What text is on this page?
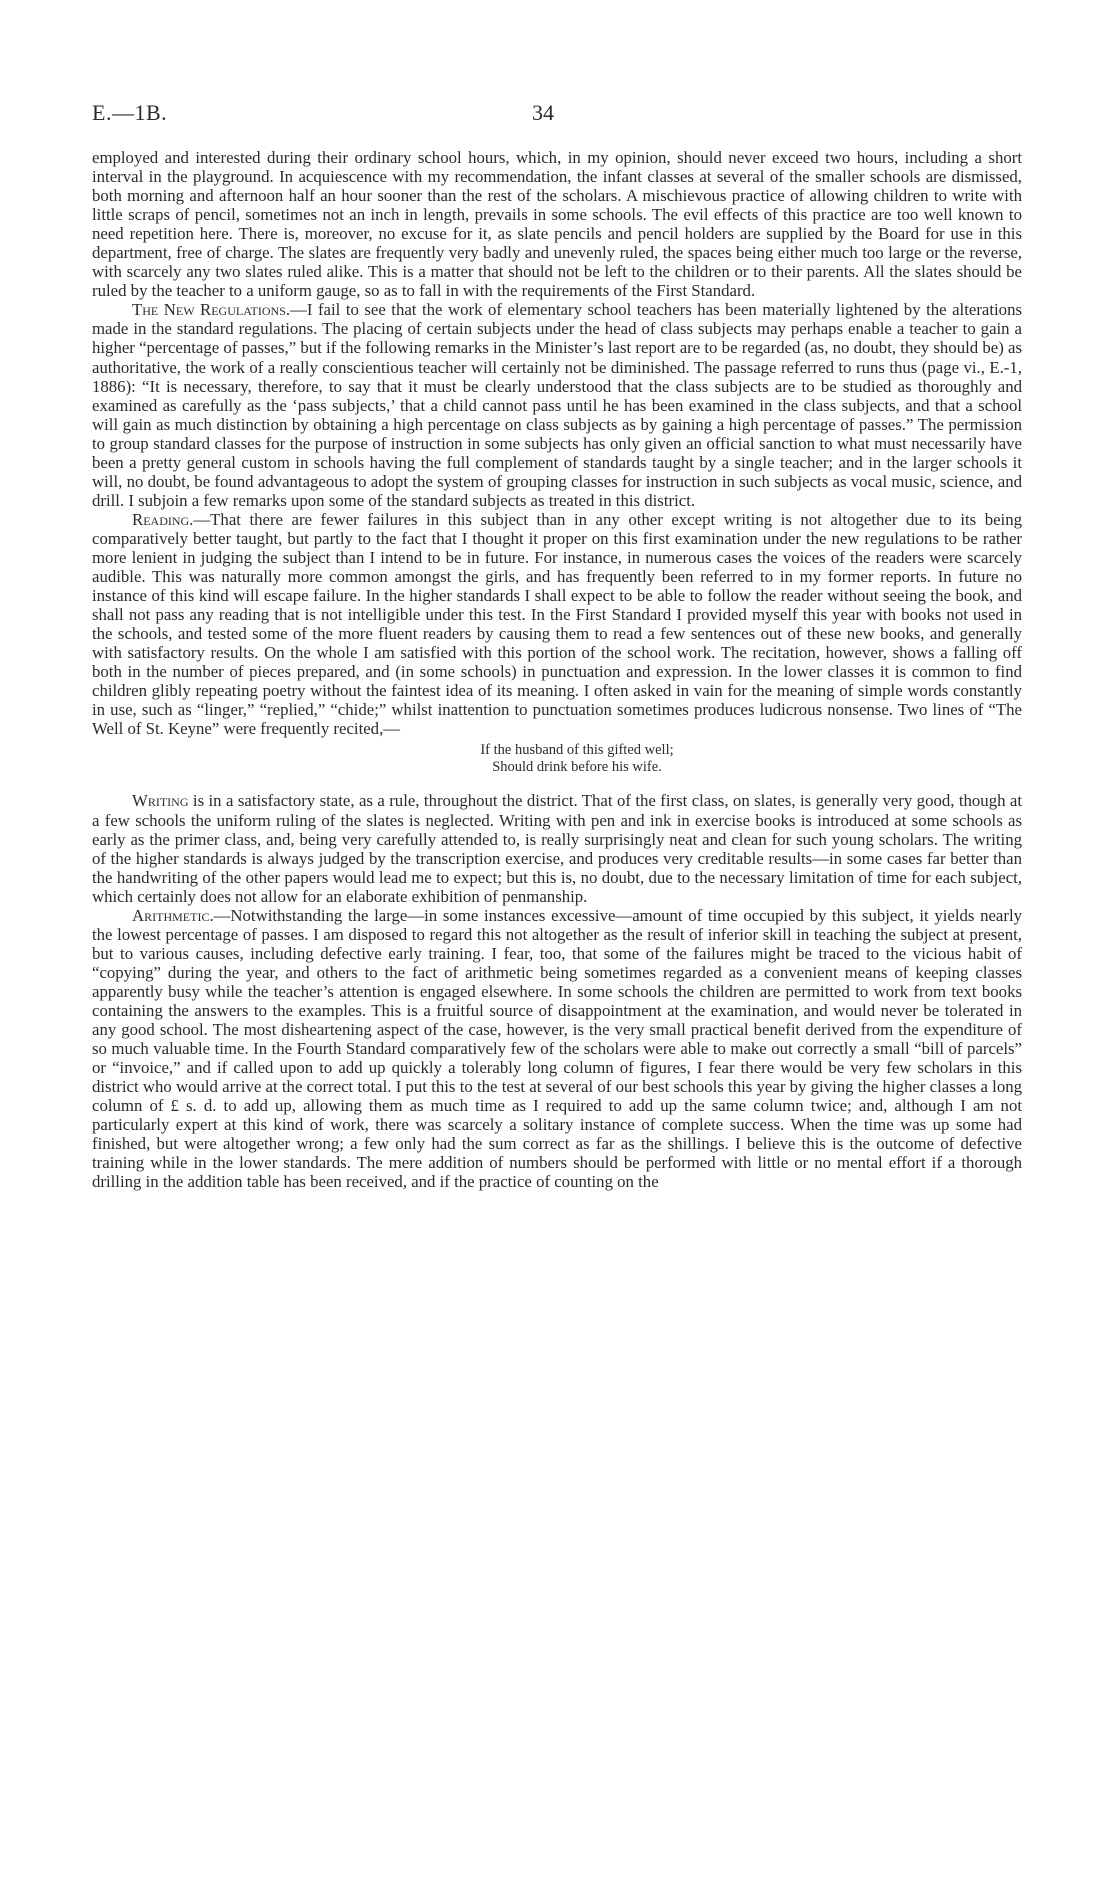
E.—1B.	34

employed and interested during their ordinary school hours, which, in my opinion, should never exceed two hours, including a short interval in the playground. In acquiescence with my recommendation, the infant classes at several of the smaller schools are dismissed, both morning and afternoon half an hour sooner than the rest of the scholars. A mischievous practice of allowing children to write with little scraps of pencil, sometimes not an inch in length, prevails in some schools. The evil effects of this practice are too well known to need repetition here. There is, moreover, no excuse for it, as slate pencils and pencil holders are supplied by the Board for use in this department, free of charge. The slates are frequently very badly and unevenly ruled, the spaces being either much too large or the reverse, with scarcely any two slates ruled alike. This is a matter that should not be left to the children or to their parents. All the slates should be ruled by the teacher to a uniform gauge, so as to fall in with the requirements of the First Standard.

The New Regulations.—I fail to see that the work of elementary school teachers has been materially lightened by the alterations made in the standard regulations. The placing of certain subjects under the head of class subjects may perhaps enable a teacher to gain a higher “percentage of passes,” but if the following remarks in the Minister’s last report are to be regarded (as, no doubt, they should be) as authoritative, the work of a really conscientious teacher will certainly not be diminished. The passage referred to runs thus (page vi., E.-1, 1886): “It is necessary, therefore, to say that it must be clearly understood that the class subjects are to be studied as thoroughly and examined as carefully as the ‘pass subjects,’ that a child cannot pass until he has been examined in the class subjects, and that a school will gain as much distinction by obtaining a high percentage on class subjects as by gaining a high percentage of passes.” The permission to group standard classes for the purpose of instruction in some subjects has only given an official sanction to what must necessarily have been a pretty general custom in schools having the full complement of standards taught by a single teacher; and in the larger schools it will, no doubt, be found advantageous to adopt the system of grouping classes for instruction in such subjects as vocal music, science, and drill. I subjoin a few remarks upon some of the standard subjects as treated in this district.

Reading.—That there are fewer failures in this subject than in any other except writing is not altogether due to its being comparatively better taught, but partly to the fact that I thought it proper on this first examination under the new regulations to be rather more lenient in judging the subject than I intend to be in future. For instance, in numerous cases the voices of the readers were scarcely audible. This was naturally more common amongst the girls, and has frequently been referred to in my former reports. In future no instance of this kind will escape failure. In the higher standards I shall expect to be able to follow the reader without seeing the book, and shall not pass any reading that is not intelligible under this test. In the First Standard I provided myself this year with books not used in the schools, and tested some of the more fluent readers by causing them to read a few sentences out of these new books, and generally with satisfactory results. On the whole I am satisfied with this portion of the school work. The recitation, however, shows a falling off both in the number of pieces prepared, and (in some schools) in punctuation and expression. In the lower classes it is common to find children glibly repeating poetry without the faintest idea of its meaning. I often asked in vain for the meaning of simple words constantly in use, such as “linger,” “replied,” “chide;” whilst inattention to punctuation sometimes produces ludicrous nonsense. Two lines of “The Well of St. Keyne” were frequently recited,—

If the husband of this gifted well;
Should drink before his wife.

Writing is in a satisfactory state, as a rule, throughout the district. That of the first class, on slates, is generally very good, though at a few schools the uniform ruling of the slates is neglected. Writing with pen and ink in exercise books is introduced at some schools as early as the primer class, and, being very carefully attended to, is really surprisingly neat and clean for such young scholars. The writing of the higher standards is always judged by the transcription exercise, and produces very creditable results—in some cases far better than the handwriting of the other papers would lead me to expect; but this is, no doubt, due to the necessary limitation of time for each subject, which certainly does not allow for an elaborate exhibition of penmanship.

Arithmetic.—Notwithstanding the large—in some instances excessive—amount of time occupied by this subject, it yields nearly the lowest percentage of passes. I am disposed to regard this not altogether as the result of inferior skill in teaching the subject at present, but to various causes, including defective early training. I fear, too, that some of the failures might be traced to the vicious habit of “copying” during the year, and others to the fact of arithmetic being sometimes regarded as a convenient means of keeping classes apparently busy while the teacher’s attention is engaged elsewhere. In some schools the children are permitted to work from text books containing the answers to the examples. This is a fruitful source of disappointment at the examination, and would never be tolerated in any good school. The most disheartening aspect of the case, however, is the very small practical benefit derived from the expenditure of so much valuable time. In the Fourth Standard comparatively few of the scholars were able to make out correctly a small “bill of parcels” or “invoice,” and if called upon to add up quickly a tolerably long column of figures, I fear there would be very few scholars in this district who would arrive at the correct total. I put this to the test at several of our best schools this year by giving the higher classes a long column of £ s. d. to add up, allowing them as much time as I required to add up the same column twice; and, although I am not particularly expert at this kind of work, there was scarcely a solitary instance of complete success. When the time was up some had finished, but were altogether wrong; a few only had the sum correct as far as the shillings. I believe this is the outcome of defective training while in the lower standards. The mere addition of numbers should be performed with little or no mental effort if a thorough drilling in the addition table has been received, and if the practice of counting on the
